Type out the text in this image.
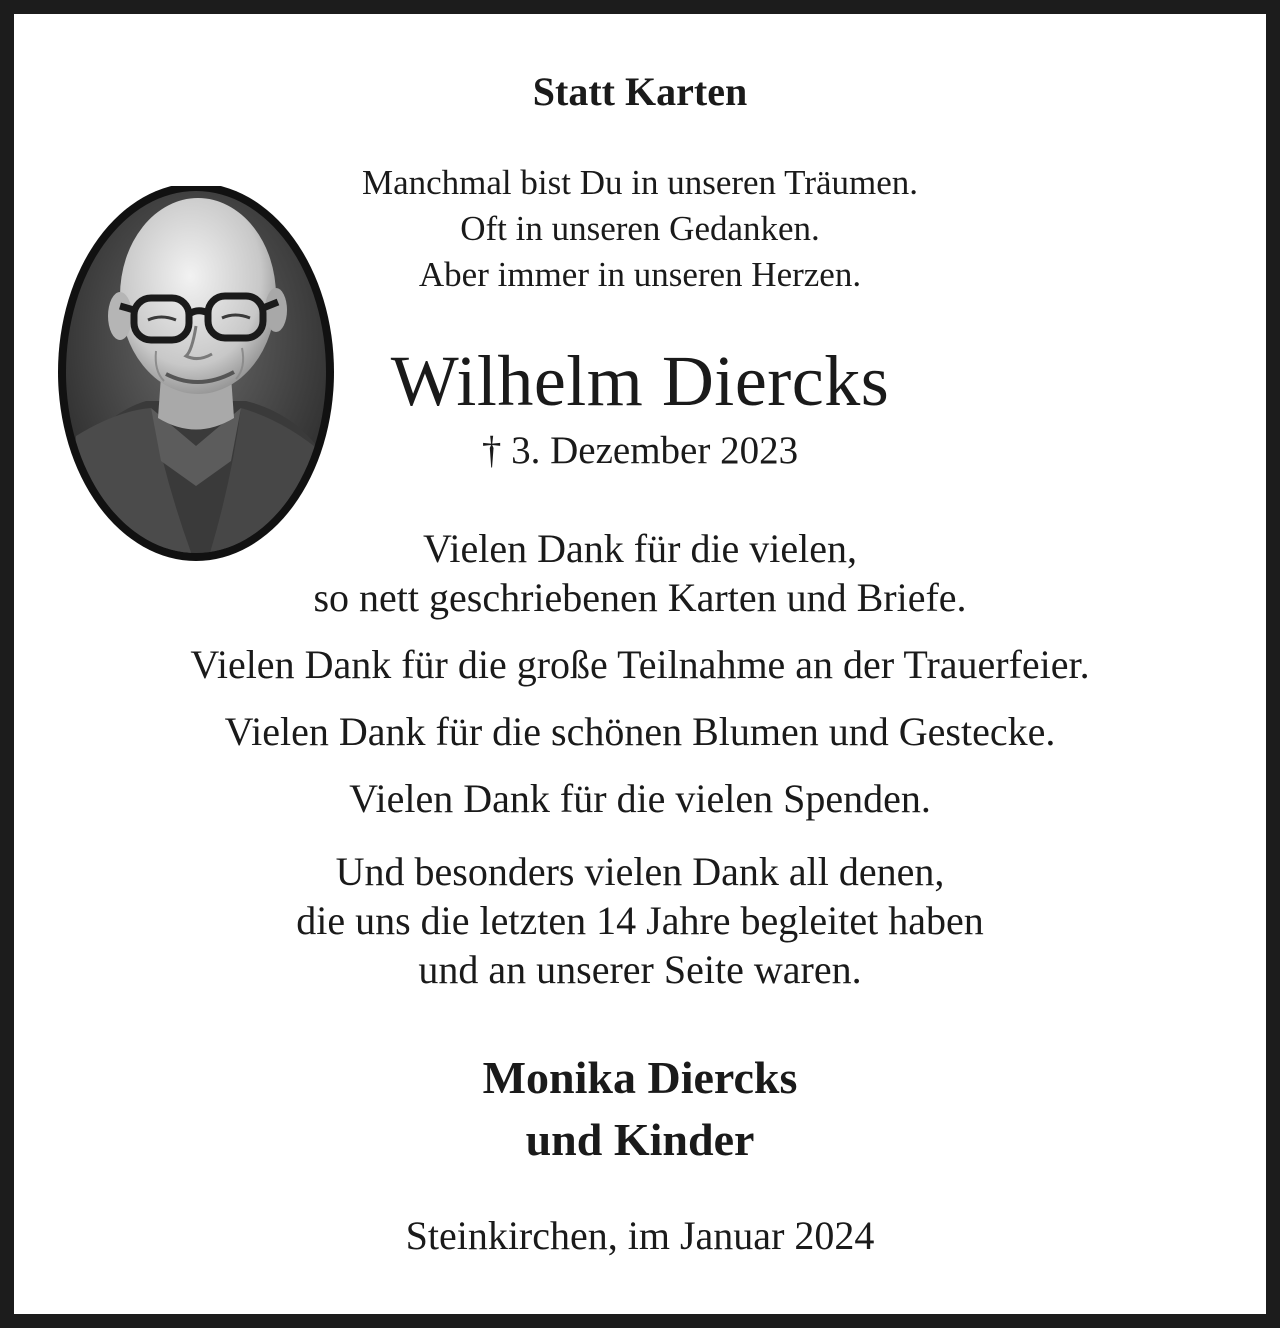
Statt Karten
Manchmal bist Du in unseren Träumen.
Oft in unseren Gedanken.
Aber immer in unseren Herzen.
Wilhelm Diercks
† 3. Dezember 2023
Vielen Dank für die vielen,
so nett geschriebenen Karten und Briefe.
Vielen Dank für die große Teilnahme an der Trauerfeier.
Vielen Dank für die schönen Blumen und Gestecke.
Vielen Dank für die vielen Spenden.
Und besonders vielen Dank all denen,
die uns die letzten 14 Jahre begleitet haben
und an unserer Seite waren.
Monika Diercks
und Kinder
Steinkirchen, im Januar 2024
